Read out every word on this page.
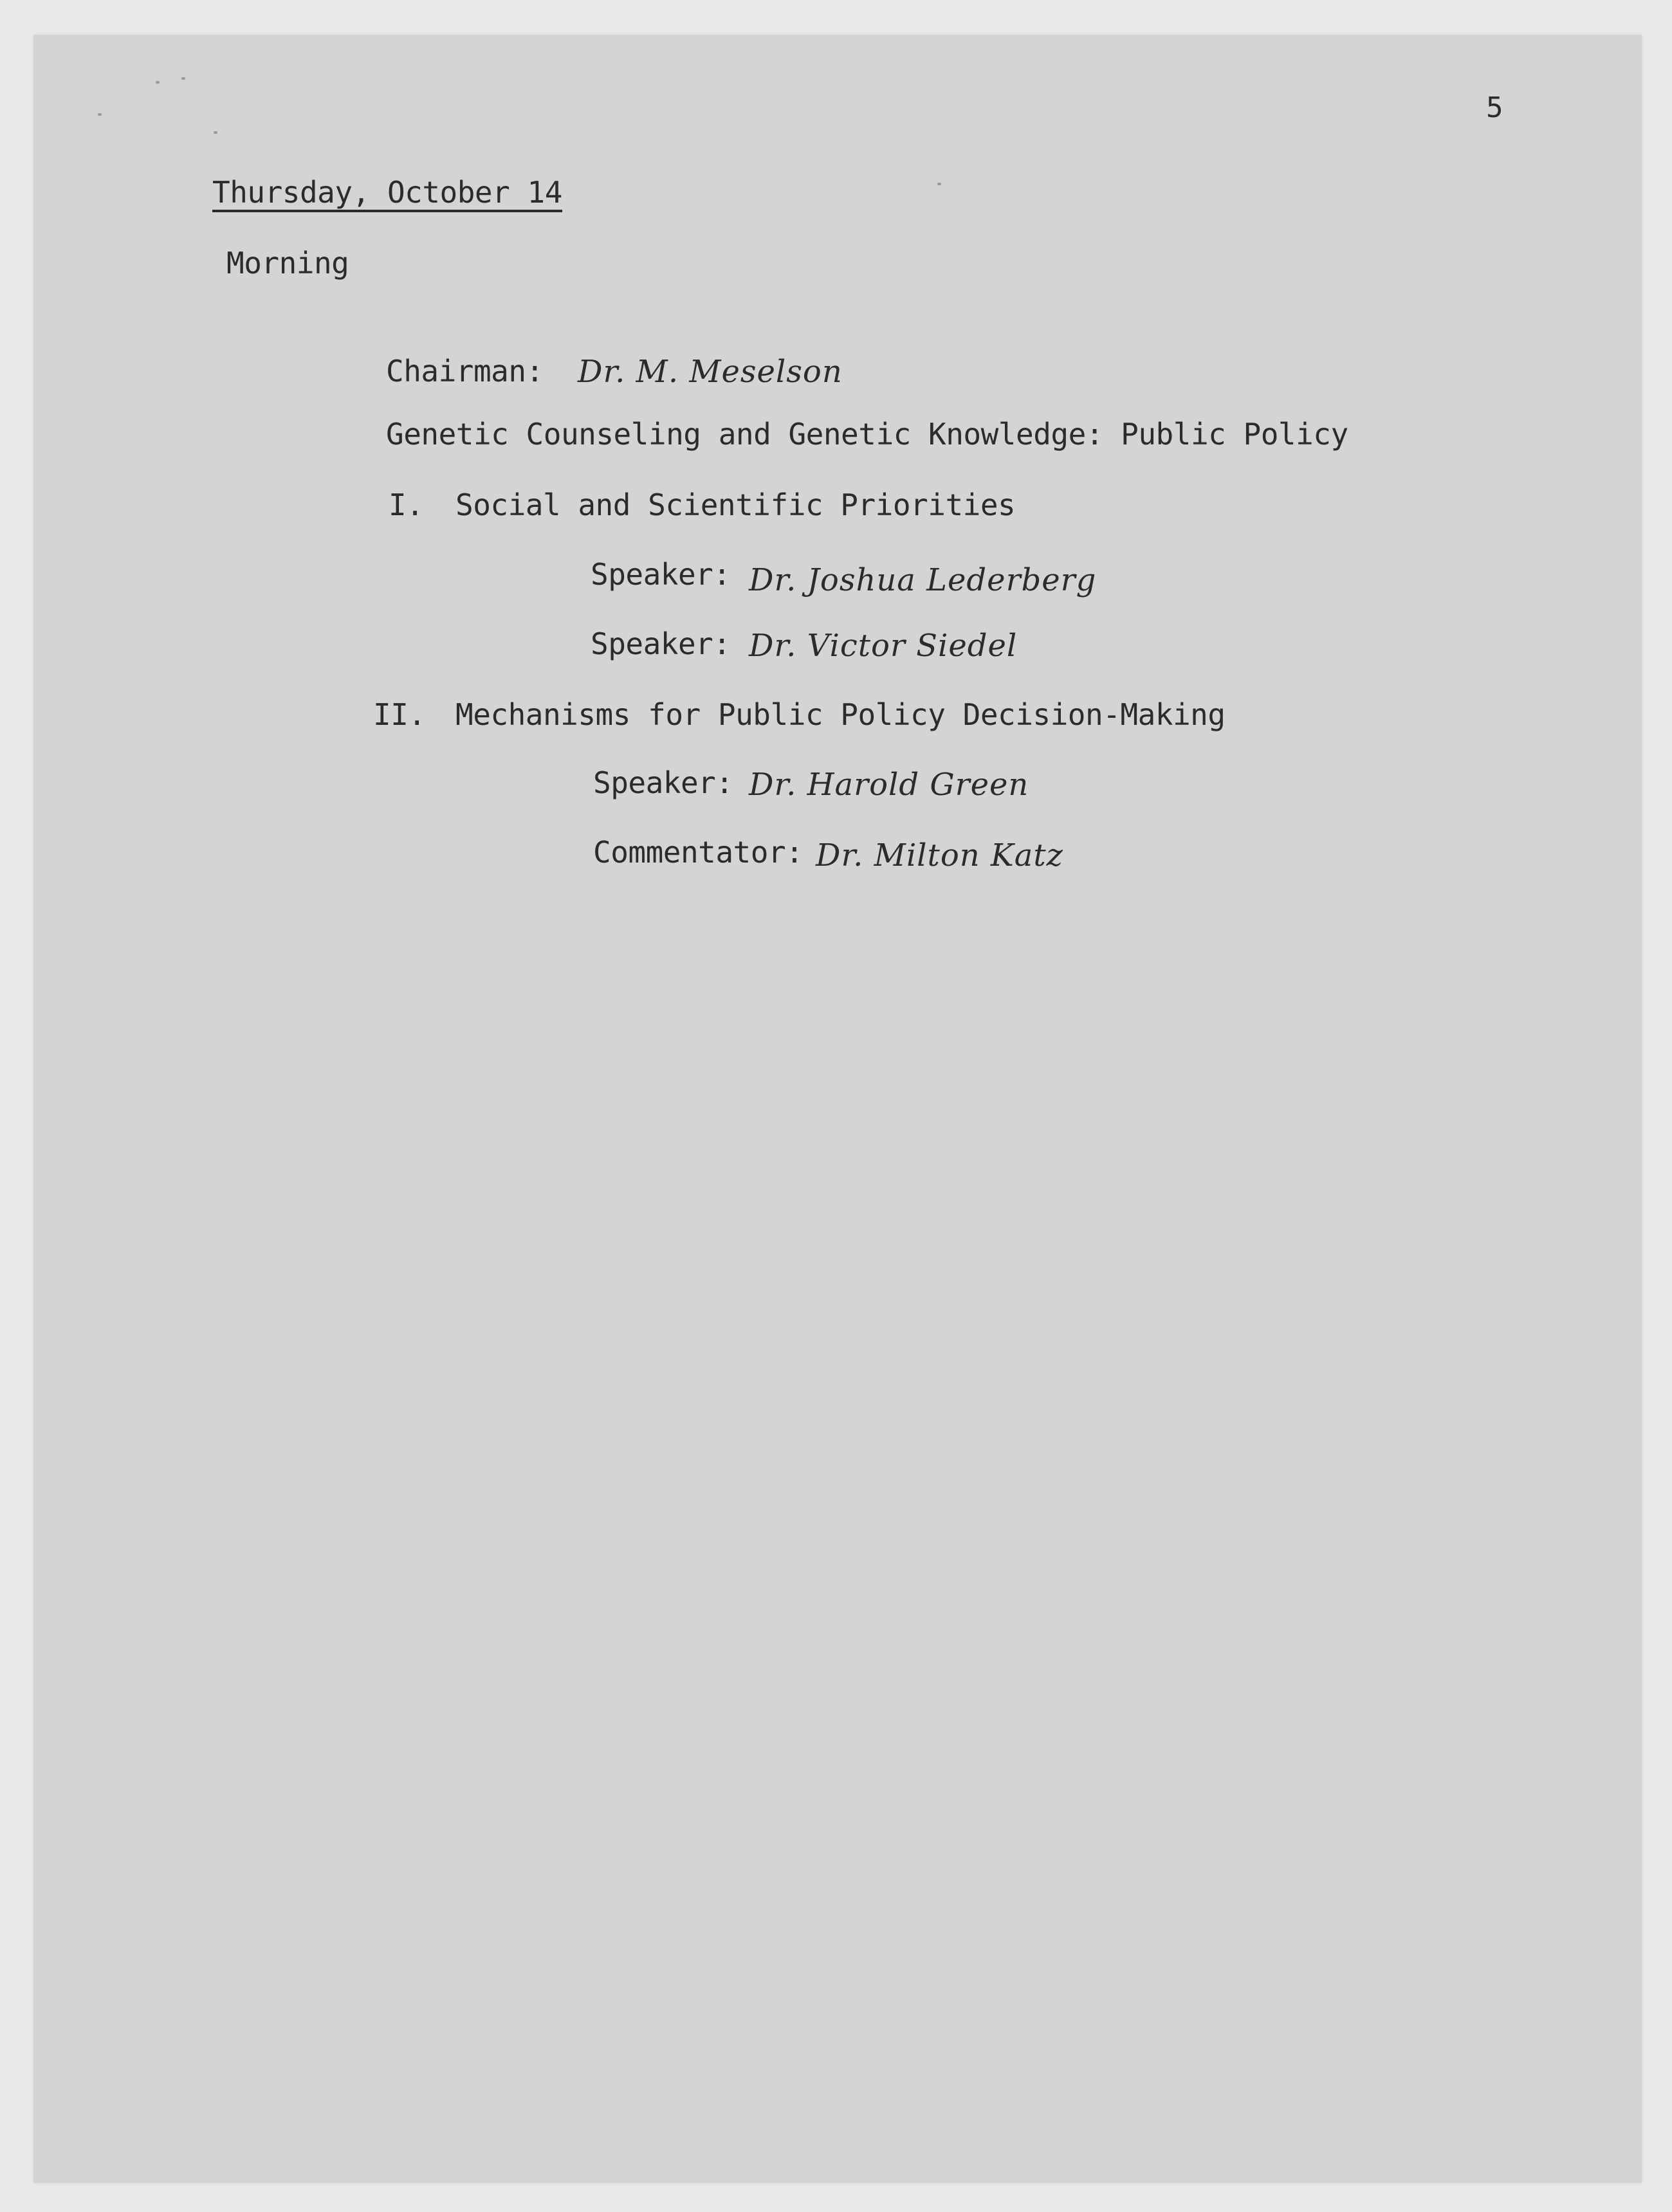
5
Thursday, October 14
Morning
Chairman: Dr. M. Meselson
Genetic Counseling and Genetic Knowledge: Public Policy
I. Social and Scientific Priorities
Speaker: Dr. Joshua Lederberg
Speaker: Dr. Victor Siedel
II. Mechanisms for Public Policy Decision-Making
Speaker: Dr. Harold Green
Commentator: Dr. Milton Katz
